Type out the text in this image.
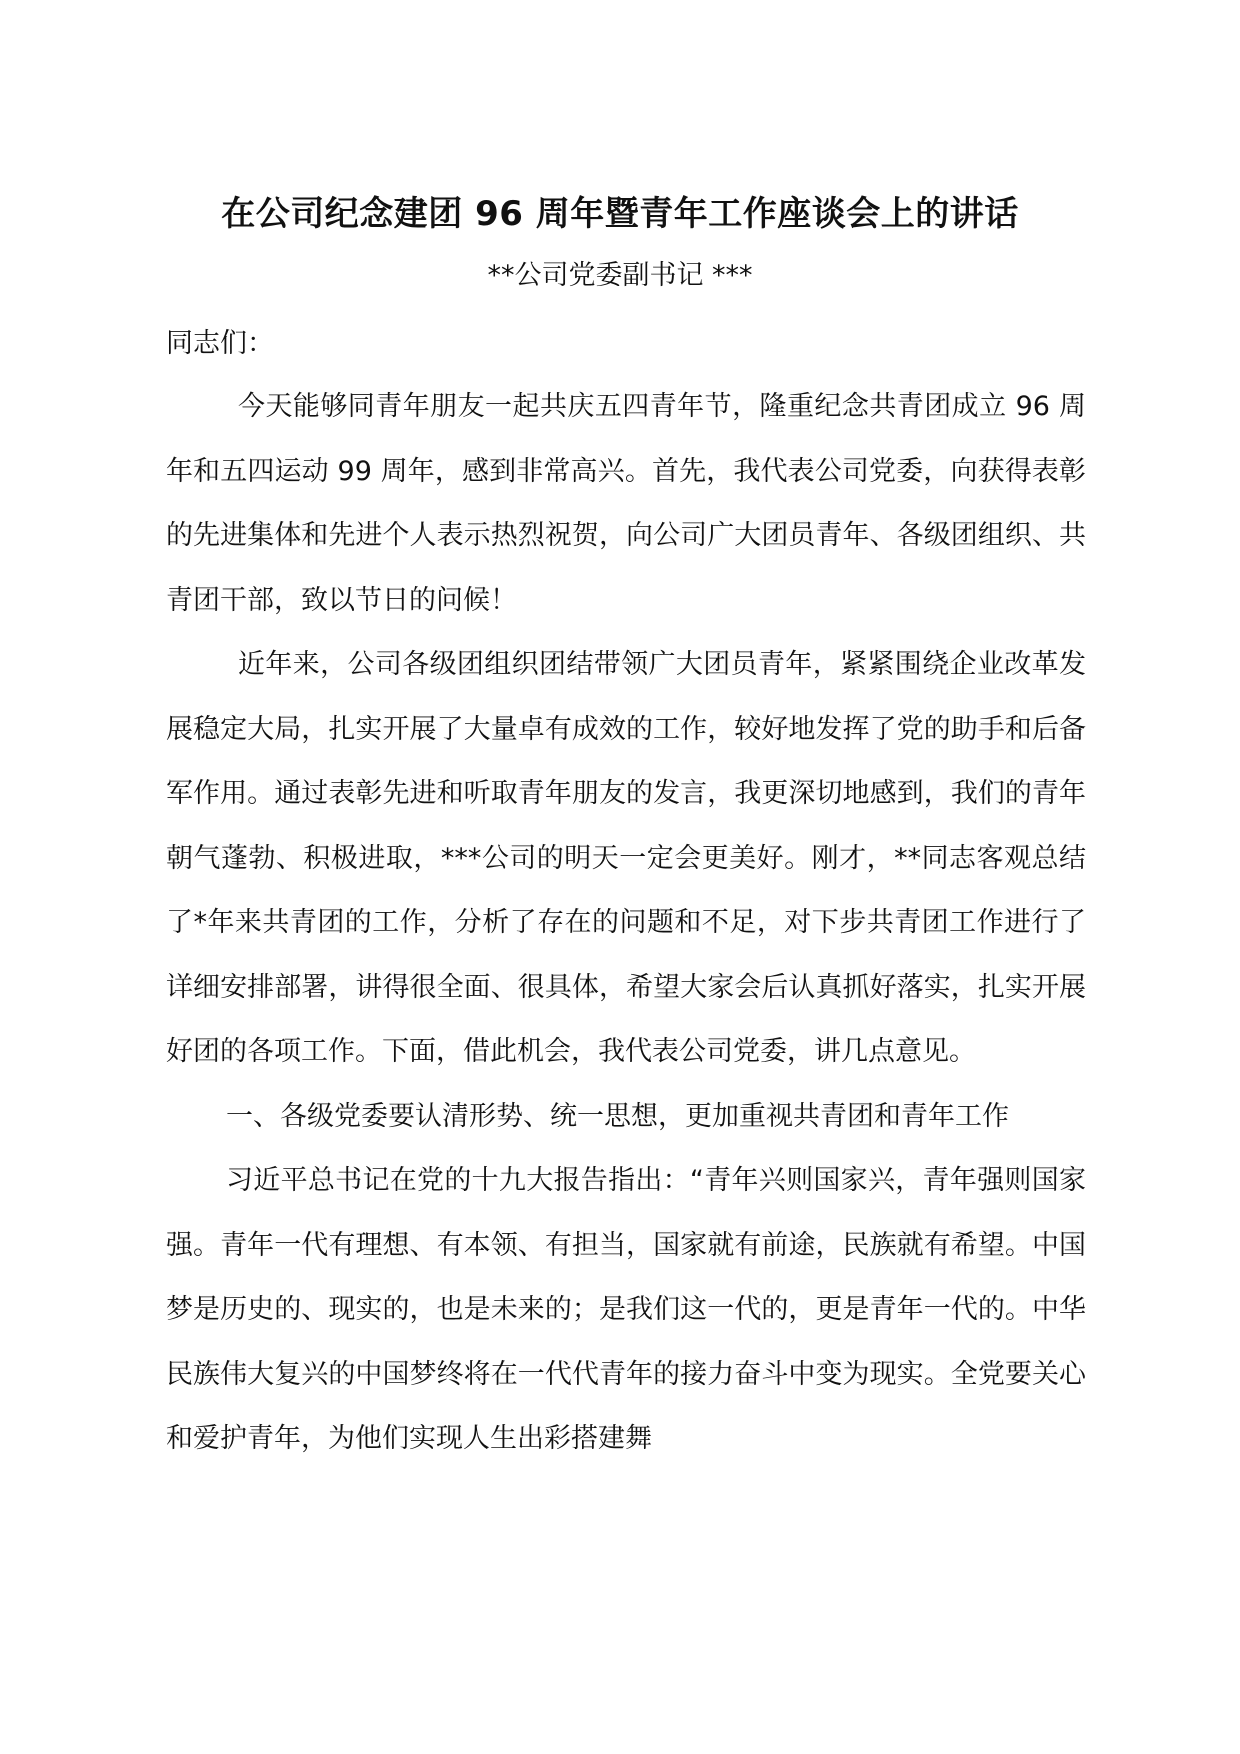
在公司纪念建团 96 周年暨青年工作座谈会上的讲话
**公司党委副书记 ***
同志们：

今天能够同青年朋友一起共庆五四青年节，隆重纪念共青团成立 96 周年和五四运动 99 周年，感到非常高兴。首先，我代表公司党委，向获得表彰的先进集体和先进个人表示热烈祝贺，向公司广大团员青年、各级团组织、共青团干部，致以节日的问候！

近年来，公司各级团组织团结带领广大团员青年，紧紧围绕企业改革发展稳定大局，扎实开展了大量卓有成效的工作，较好地发挥了党的助手和后备军作用。通过表彰先进和听取青年朋友的发言，我更深切地感到，我们的青年朝气蓬勃、积极进取，***公司的明天一定会更美好。刚才，**同志客观总结了*年来共青团的工作，分析了存在的问题和不足，对下步共青团工作进行了详细安排部署，讲得很全面、很具体，希望大家会后认真抓好落实，扎实开展好团的各项工作。下面，借此机会，我代表公司党委，讲几点意见。

一、各级党委要认清形势、统一思想，更加重视共青团和青年工作

习近平总书记在党的十九大报告指出：“青年兴则国家兴，青年强则国家强。青年一代有理想、有本领、有担当，国家就有前途，民族就有希望。中国梦是历史的、现实的，也是未来的；是我们这一代的，更是青年一代的。中华民族伟大复兴的中国梦终将在一代代青年的接力奋斗中变为现实。全党要关心和爱护青年，为他们实现人生出彩搭建舞
